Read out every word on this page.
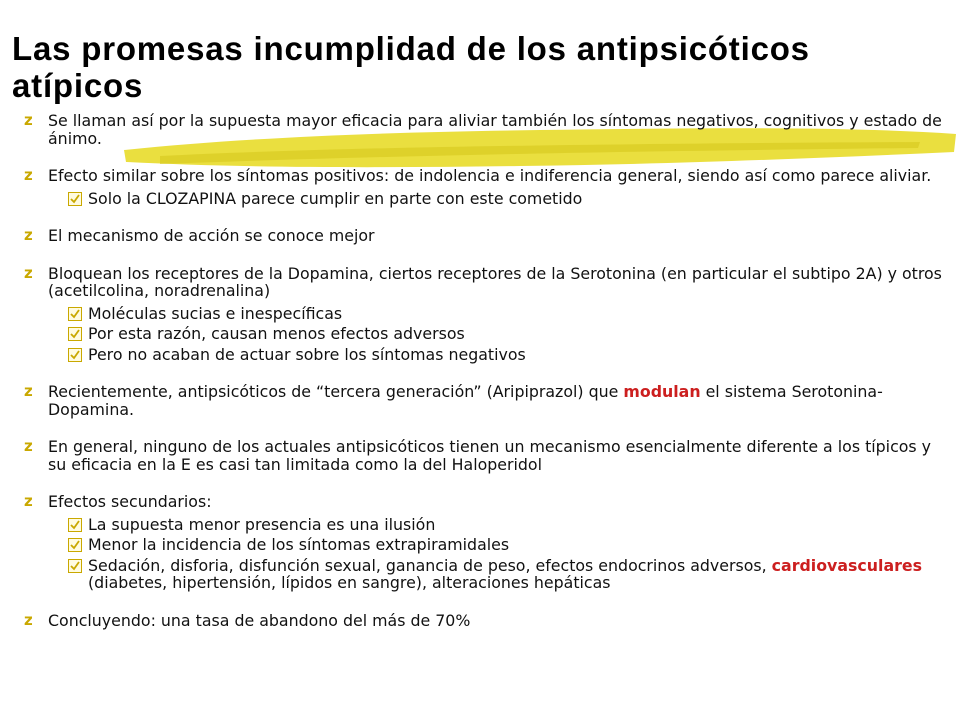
Las promesas incumplidad de los antipsicóticos atípicos
z Se llaman así por la supuesta mayor eficacia para aliviar también los síntomas negativos, cognitivos y estado de ánimo.
z Efecto similar sobre los síntomas positivos: de indolencia e indiferencia general, siendo así como parece aliviar.
Solo la CLOZAPINA parece cumplir en parte con este cometido
z El mecanismo de acción se conoce mejor
z Bloquean los receptores de la Dopamina, ciertos receptores de la Serotonina (en particular el subtipo 2A) y otros (acetilcolina, noradrenalina)
Moléculas sucias e inespecíficas
Por esta razón, causan menos efectos adversos
Pero no acaban de actuar sobre los síntomas negativos
z Recientemente, antipsicóticos de “tercera generación” (Aripiprazol) que modulan el sistema Serotonina-Dopamina.
z En general, ninguno de los actuales antipsicóticos tienen un mecanismo esencialmente diferente a los típicos y su eficacia en la E es casi tan limitada como la del Haloperidol
z Efectos secundarios:
La supuesta menor presencia es una ilusión
Menor la incidencia de los síntomas extrapiramidales
Sedación, disforia, disfunción sexual, ganancia de peso, efectos endocrinos adversos, cardiovasculares (diabetes, hipertensión, lípidos en sangre), alteraciones hepáticas
z Concluyendo: una tasa de abandono del más de 70%
